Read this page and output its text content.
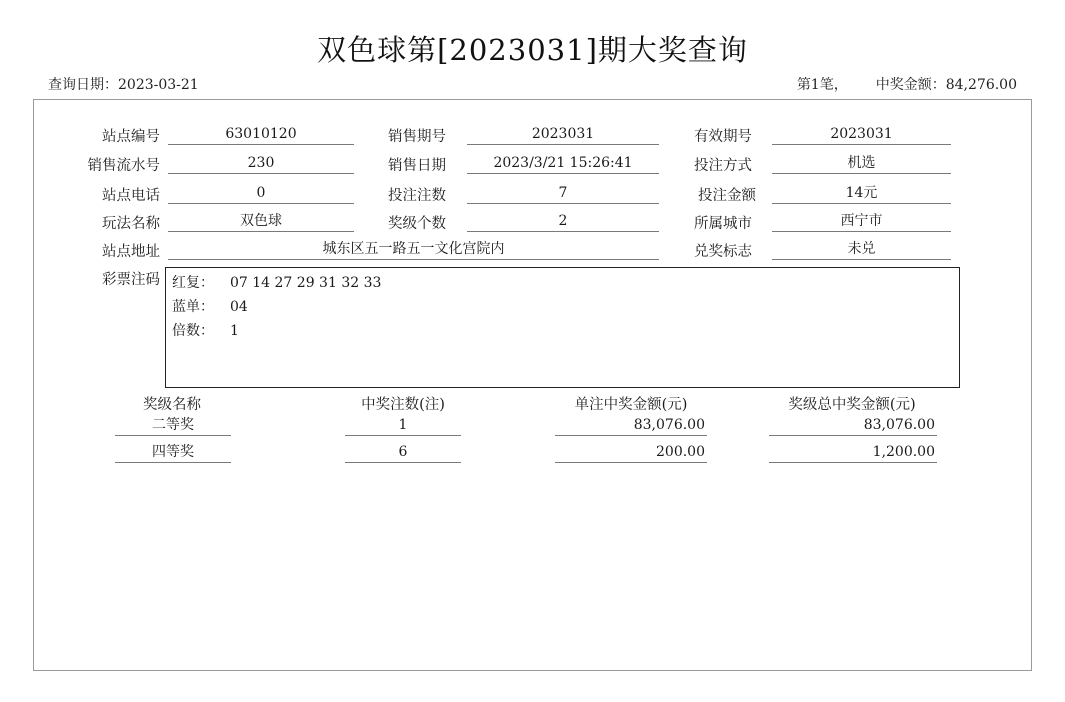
双色球第[2023031]期大奖查询
查询日期：2023-03-21	第1笔， 中奖金额：84,276.00
站点编号	63010120	销售期号	2023031	有效期号	2023031
销售流水号	230	销售日期	2023/3/21 15:26:41	投注方式	机选
站点电话	0	投注注数	7	投注金额	14元
玩法名称	双色球	奖级个数	2	所属城市	西宁市
站点地址	城东区五一路五一文化宫院内	兑奖标志	未兑
彩票注码 红复： 07 14 27 29 31 32 33
蓝单： 04
倍数： 1
奖级名称	中奖注数(注)	单注中奖金额(元)	奖级总中奖金额(元)
二等奖	1	83,076.00	83,076.00
四等奖	6	200.00	1,200.00
